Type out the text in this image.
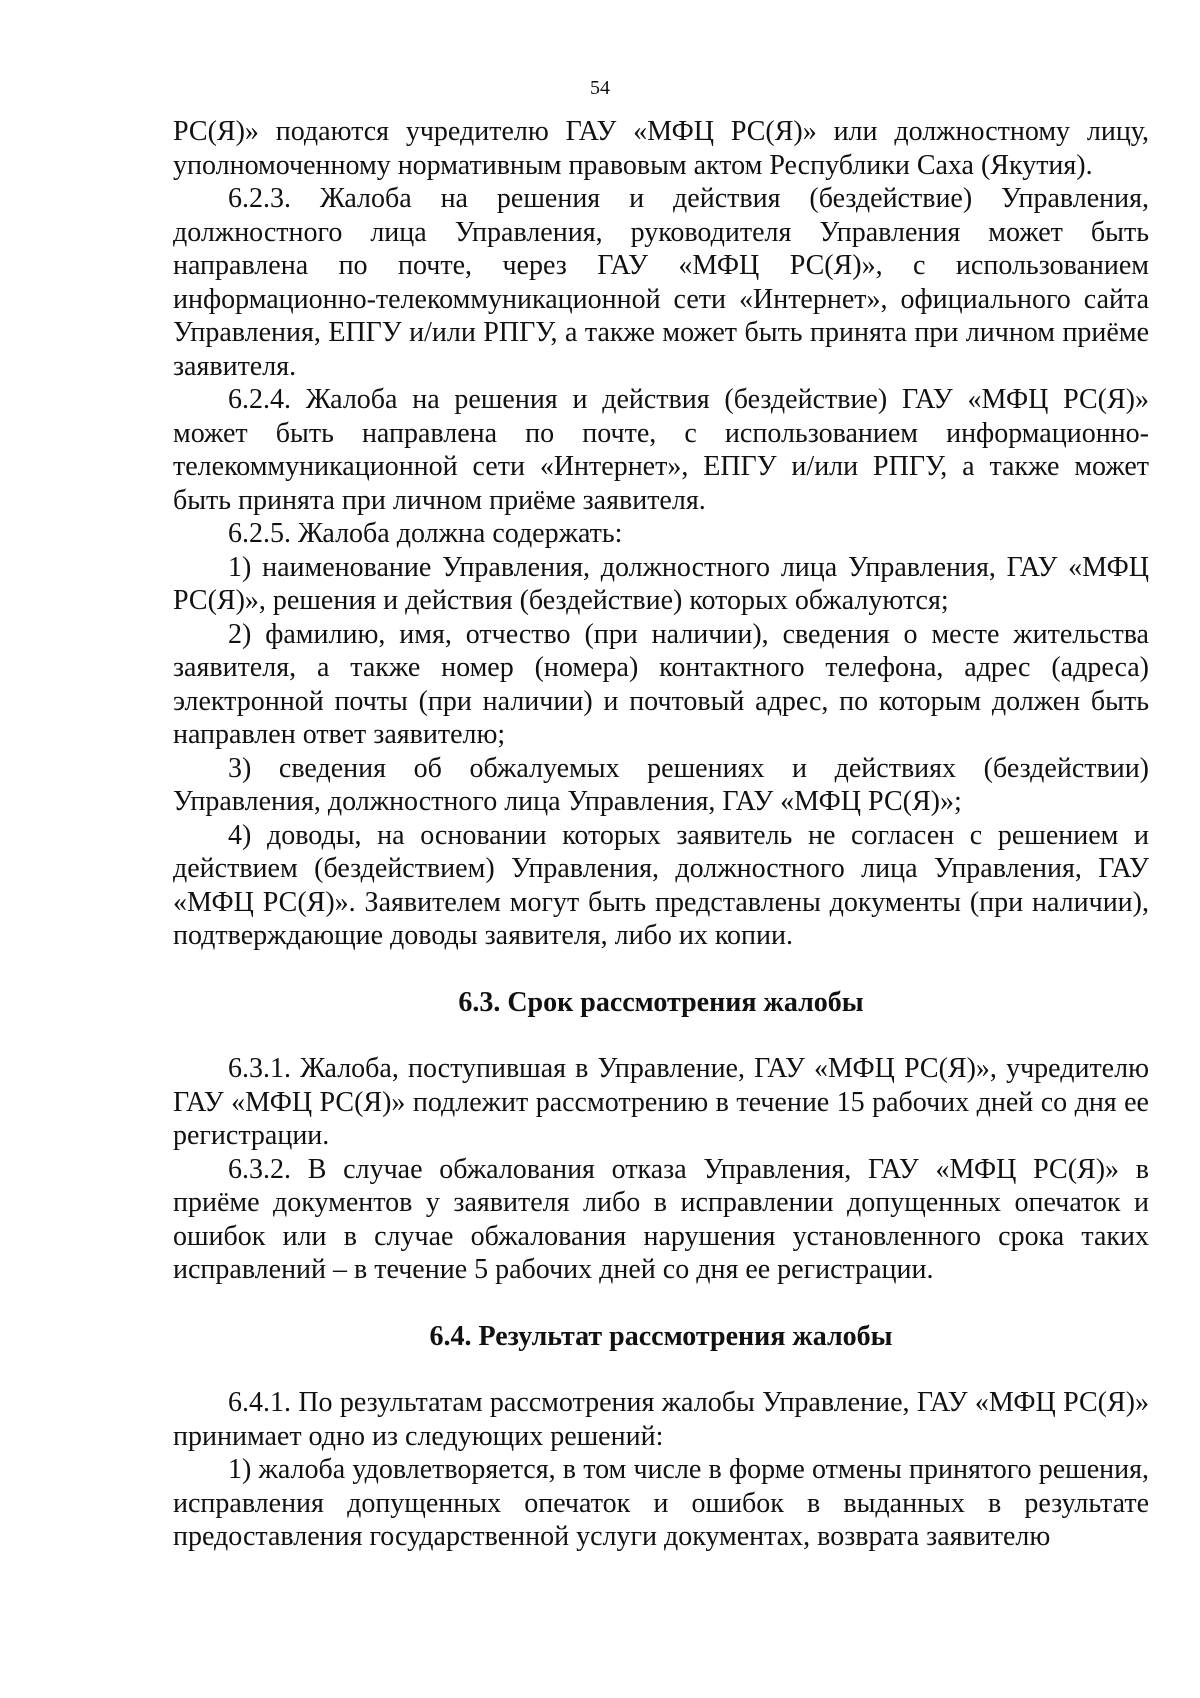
54

РС(Я)» подаются учредителю ГАУ «МФЦ РС(Я)» или должностному лицу, уполномоченному нормативным правовым актом Республики Саха (Якутия).

6.2.3. Жалоба на решения и действия (бездействие) Управления, должностного лица Управления, руководителя Управления может быть направлена по почте, через ГАУ «МФЦ РС(Я)», с использованием информационно-телекоммуникационной сети «Интернет», официального сайта Управления, ЕПГУ и/или РПГУ, а также может быть принята при личном приёме заявителя.

6.2.4. Жалоба на решения и действия (бездействие) ГАУ «МФЦ РС(Я)» может быть направлена по почте, с использованием информационно-телекоммуникационной сети «Интернет», ЕПГУ и/или РПГУ, а также может быть принята при личном приёме заявителя.

6.2.5. Жалоба должна содержать:

1) наименование Управления, должностного лица Управления, ГАУ «МФЦ РС(Я)», решения и действия (бездействие) которых обжалуются;

2) фамилию, имя, отчество (при наличии), сведения о месте жительства заявителя, а также номер (номера) контактного телефона, адрес (адреса) электронной почты (при наличии) и почтовый адрес, по которым должен быть направлен ответ заявителю;

3) сведения об обжалуемых решениях и действиях (бездействии) Управления, должностного лица Управления, ГАУ «МФЦ РС(Я)»;

4) доводы, на основании которых заявитель не согласен с решением и действием (бездействием) Управления, должностного лица Управления, ГАУ «МФЦ РС(Я)». Заявителем могут быть представлены документы (при наличии), подтверждающие доводы заявителя, либо их копии.

6.3. Срок рассмотрения жалобы

6.3.1. Жалоба, поступившая в Управление, ГАУ «МФЦ РС(Я)», учредителю ГАУ «МФЦ РС(Я)» подлежит рассмотрению в течение 15 рабочих дней со дня ее регистрации.

6.3.2. В случае обжалования отказа Управления, ГАУ «МФЦ РС(Я)» в приёме документов у заявителя либо в исправлении допущенных опечаток и ошибок или в случае обжалования нарушения установленного срока таких исправлений – в течение 5 рабочих дней со дня ее регистрации.

6.4. Результат рассмотрения жалобы

6.4.1. По результатам рассмотрения жалобы Управление, ГАУ «МФЦ РС(Я)» принимает одно из следующих решений:

1) жалоба удовлетворяется, в том числе в форме отмены принятого решения, исправления допущенных опечаток и ошибок в выданных в результате предоставления государственной услуги документах, возврата заявителю
